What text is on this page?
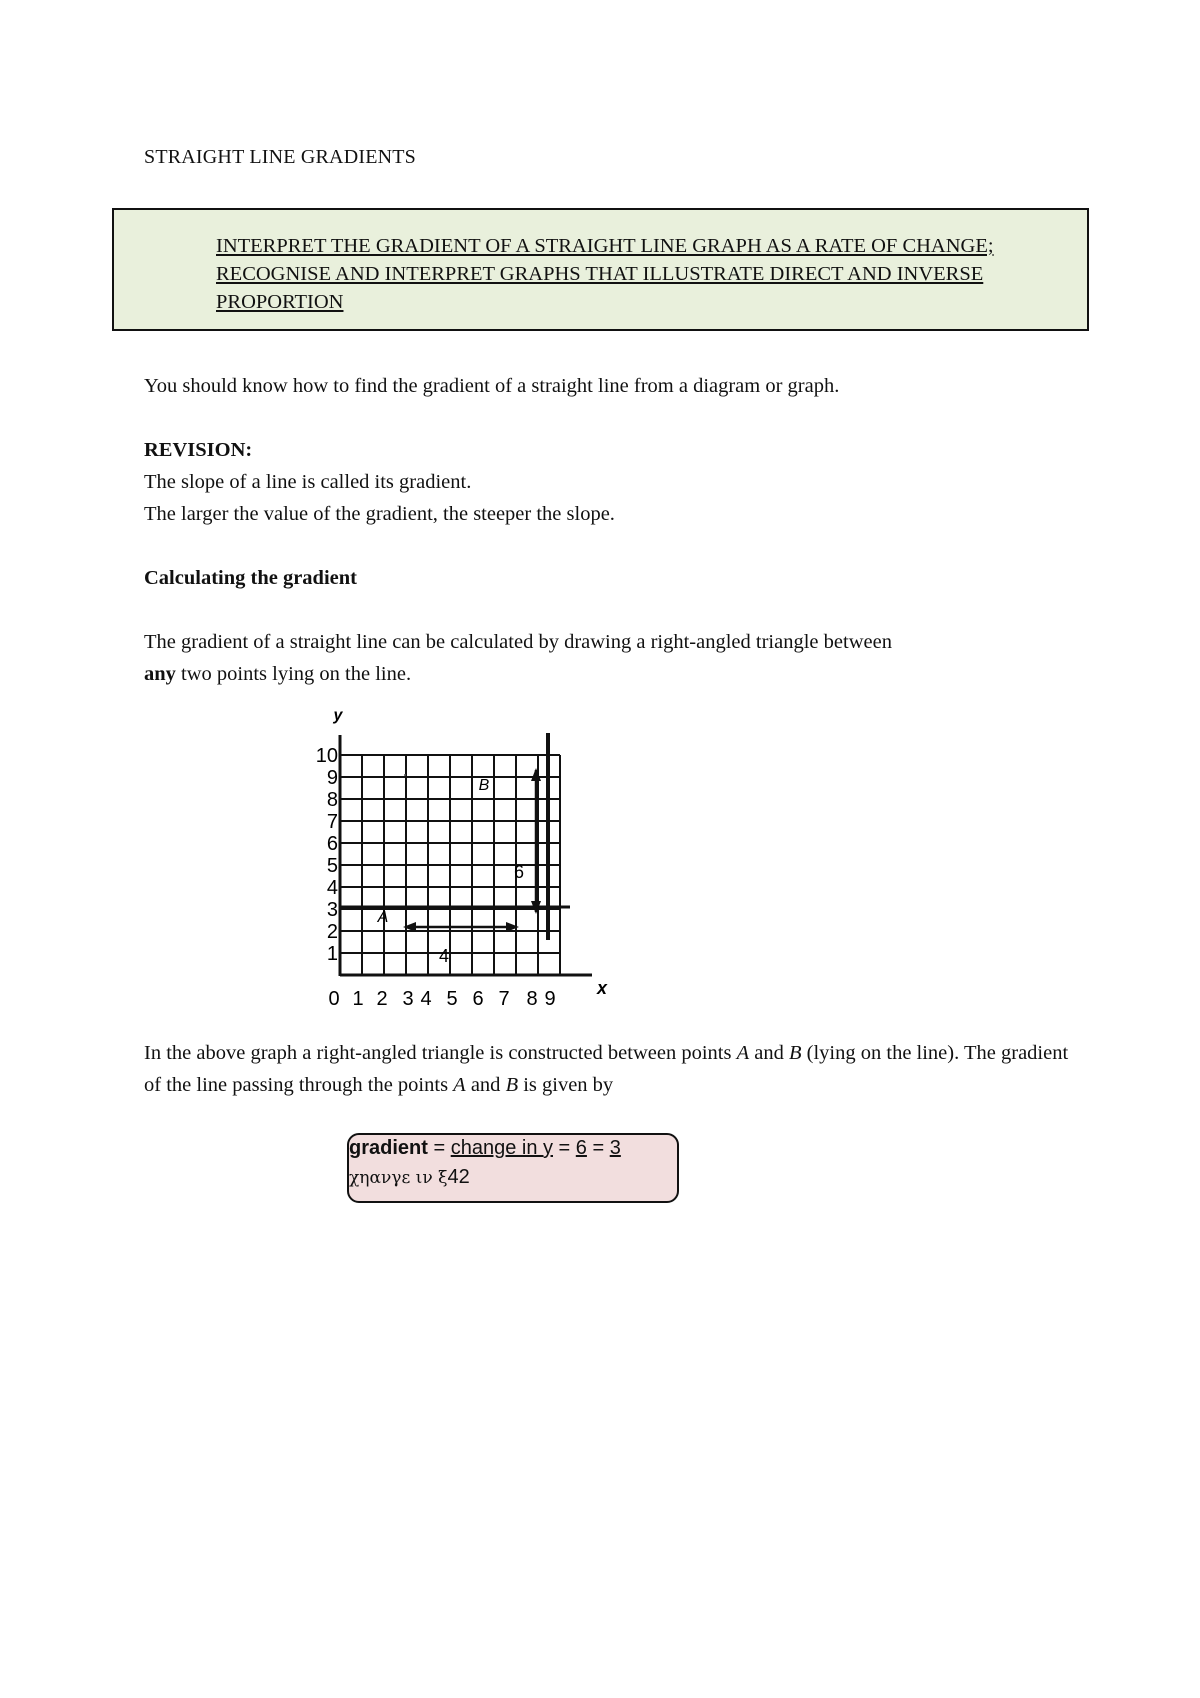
STRAIGHT LINE GRADIENTS
INTERPRET THE GRADIENT OF A STRAIGHT LINE GRAPH AS A RATE OF CHANGE; RECOGNISE AND INTERPRET GRAPHS THAT ILLUSTRATE DIRECT AND INVERSE PROPORTION
You should know how to find the gradient of a straight line from a diagram or graph.
REVISION:
The slope of a line is called its gradient.
The larger the value of the gradient, the steeper the slope.
Calculating the gradient
The gradient of a straight line can be calculated by drawing a right-angled triangle between
any two points lying on the line.
y
x
A
B
4
6
0 1 2 3 4 5 6 7 8 9
1
2
3
4
5
6
7
8
9
10
In the above graph a right-angled triangle is constructed between points A and B (lying on the line). The gradient of the line passing through the points A and B is given by
gradient = change in y = 6 = 3
χηανγε ιν ξ42
